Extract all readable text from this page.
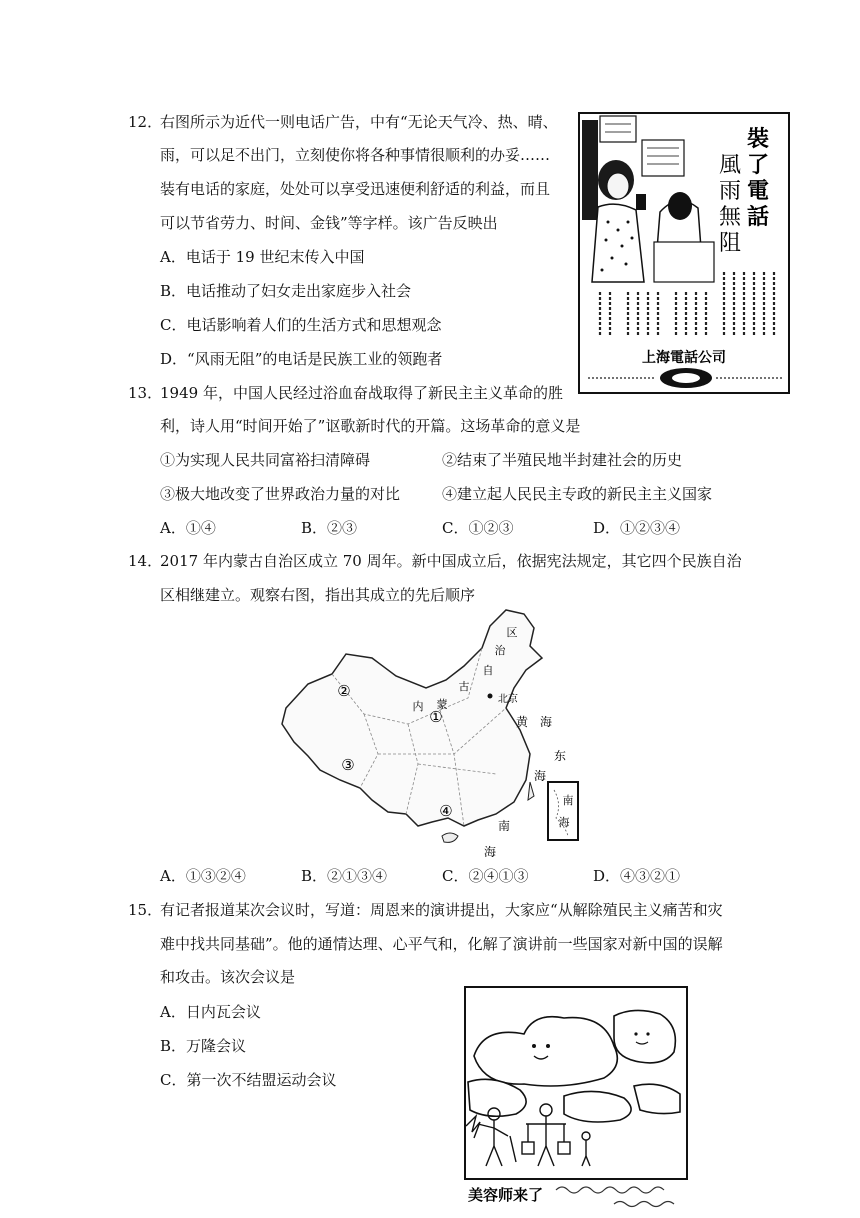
12．
右图所示为近代一则电话广告，中有“无论天气冷、热、晴、
雨，可以足不出门，立刻使你将各种事情很顺利的办妥……
装有电话的家庭，处处可以享受迅速便利舒适的利益，而且
可以节省劳力、时间、金钱”等字样。该广告反映出
A．电话于 19 世纪末传入中国
B．电话推动了妇女走出家庭步入社会
C．电话影响着人们的生活方式和思想观念
D．“风雨无阻”的电话是民族工业的领跑者
裝
了
電
話
風
雨
無
阻
上海電話公司
13．
1949 年，中国人民经过浴血奋战取得了新民主主义革命的胜
利，诗人用“时间开始了”讴歌新时代的开篇。这场革命的意义是
①为实现人民共同富裕扫清障碍	②结束了半殖民地半封建社会的历史
③极大地改变了世界政治力量的对比	④建立起人民民主专政的新民主主义国家
A．①④	B．②③	C．①②③	D．①②③④
14．
2017 年内蒙古自治区成立 70 周年。新中国成立后，依据宪法规定，其它四个民族自治
区相继建立。观察右图，指出其成立的先后顺序
②
③
①
④
内 蒙
古
自
治
区
北京
黄 海
东
海
南
海
南
海
A．①③②④	B．②①③④	C．②④①③	D．④③②①
15．
有记者报道某次会议时，写道：周恩来的演讲提出，大家应“从解除殖民主义痛苦和灾
难中找共同基础”。他的通情达理、心平气和，化解了演讲前一些国家对新中国的误解
和攻击。该次会议是
A．日内瓦会议
B．万隆会议
C．第一次不结盟运动会议
美容师来了
